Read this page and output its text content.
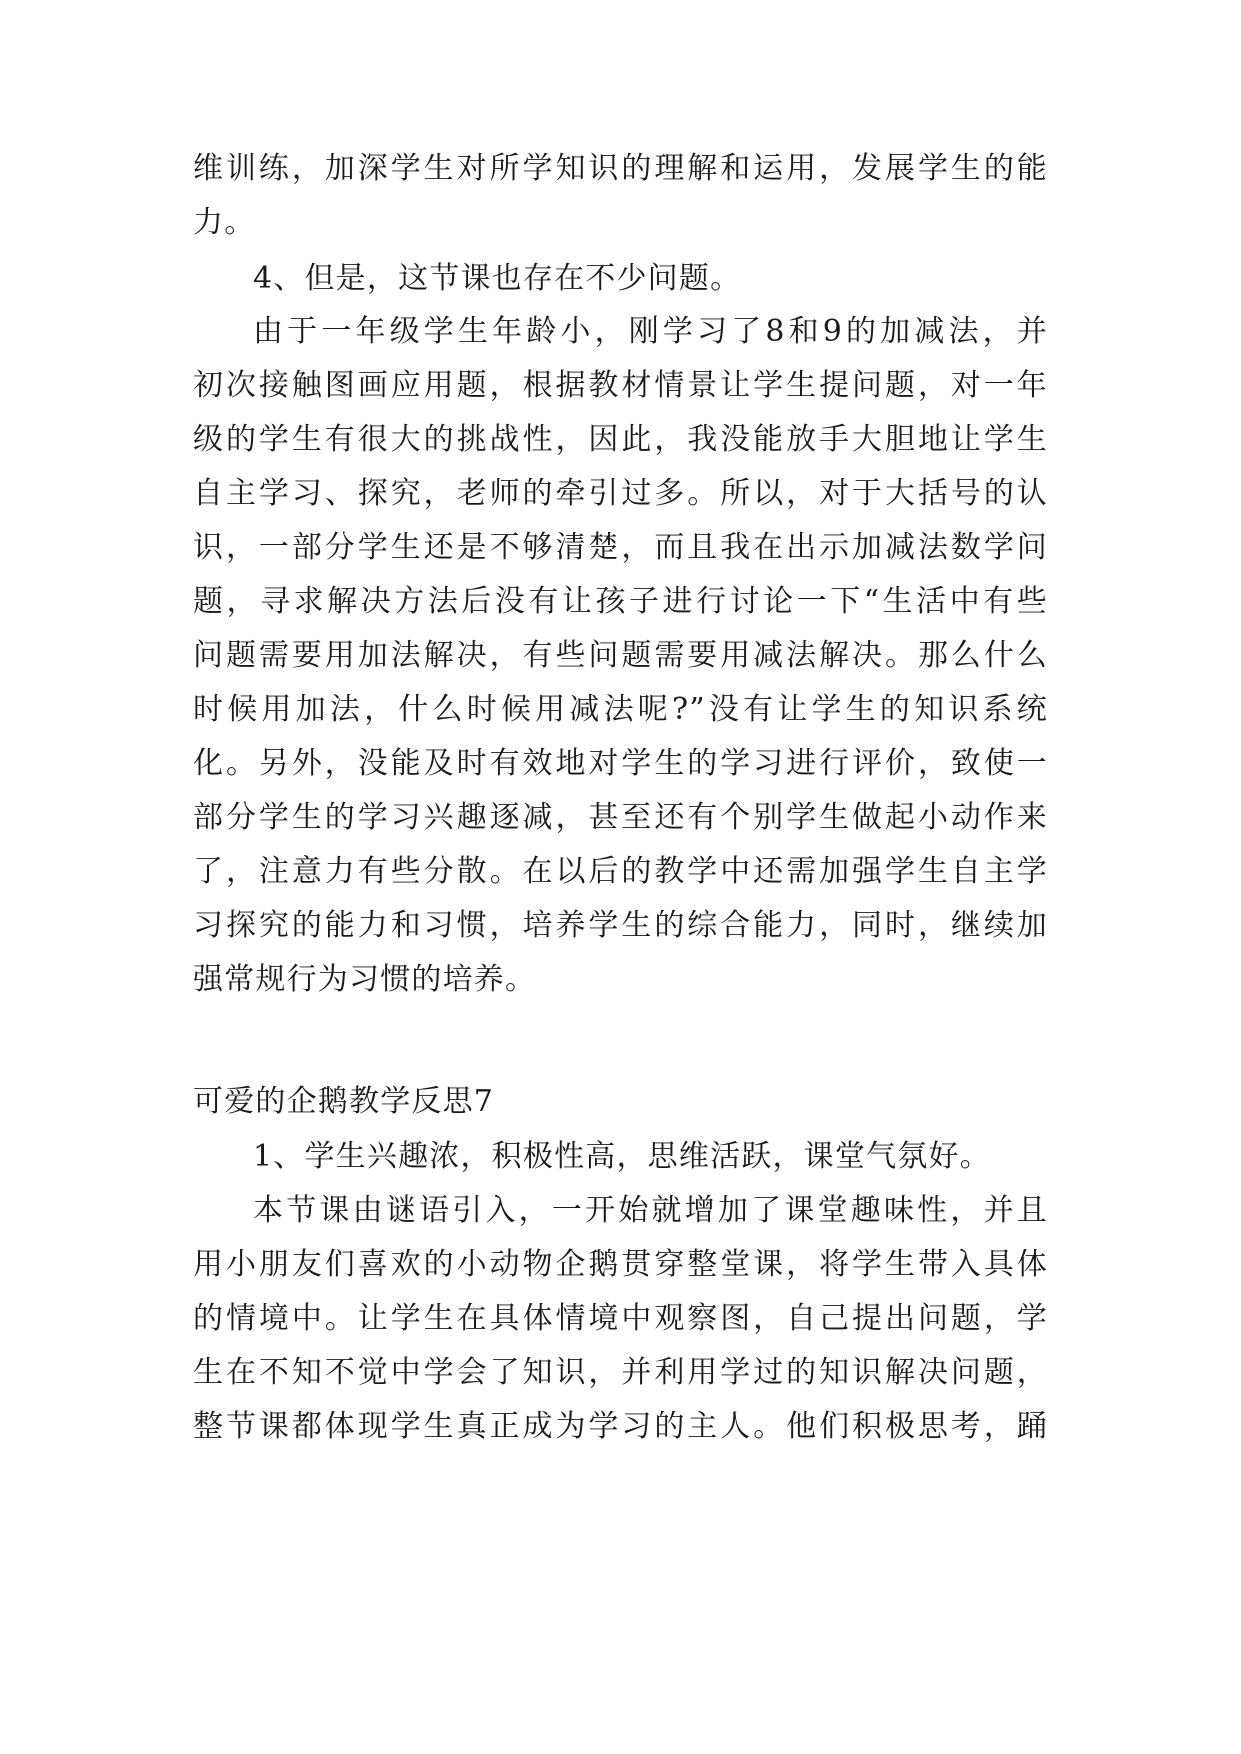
维训练，加深学生对所学知识的理解和运用，发展学生的能
力。
4、但是，这节课也存在不少问题。
由于一年级学生年龄小，刚学习了8和9的加减法，并
初次接触图画应用题，根据教材情景让学生提问题，对一年
级的学生有很大的挑战性，因此，我没能放手大胆地让学生
自主学习、探究，老师的牵引过多。所以，对于大括号的认
识，一部分学生还是不够清楚，而且我在出示加减法数学问
题，寻求解决方法后没有让孩子进行讨论一下“生活中有些
问题需要用加法解决，有些问题需要用减法解决。那么什么
时候用加法，什么时候用减法呢?”没有让学生的知识系统
化。另外，没能及时有效地对学生的学习进行评价，致使一
部分学生的学习兴趣逐减，甚至还有个别学生做起小动作来
了，注意力有些分散。在以后的教学中还需加强学生自主学
习探究的能力和习惯，培养学生的综合能力，同时，继续加
强常规行为习惯的培养。
可爱的企鹅教学反思7
1、学生兴趣浓，积极性高，思维活跃，课堂气氛好。
本节课由谜语引入，一开始就增加了课堂趣味性，并且
用小朋友们喜欢的小动物企鹅贯穿整堂课，将学生带入具体
的情境中。让学生在具体情境中观察图，自己提出问题，学
生在不知不觉中学会了知识，并利用学过的知识解决问题，
整节课都体现学生真正成为学习的主人。他们积极思考，踊
